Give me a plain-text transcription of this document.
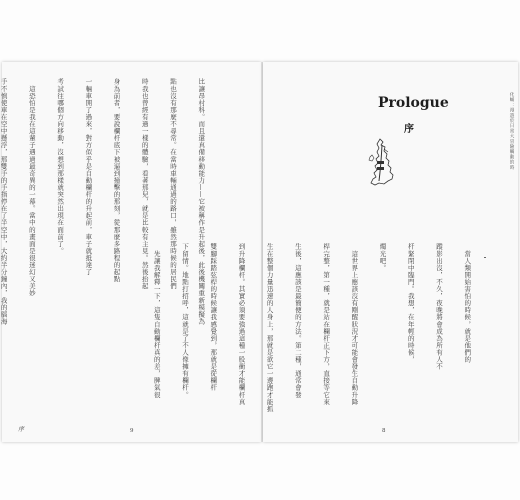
化蛹：漫遊於日常大冒險觸動的時
Prologue
序

　當人類開始害怕的時候，就是他們的

蹤影出沒，不久，夜晚將會成為所有人不

杆緊閉中臨門。我想，在年輕的時候，

燭光吧。

　這世界上應該沒有剛醒狀況才可能會發生自動升降

桿完整，第一種，就是站在欄杆正下方，直接等它來

生後，這應該是最簡便的方法。第二種，通常會發

生在整個力量迅速的人身上，那就是欲它一邊跑才能抓

到升降欄杆。其實必須要強過這種一股衝才能欄杆真

雙腳踩踏弦桿的時候讓我感覺到，那就是從欄杆

下留情。地點打招呼，這就是了不人像擁有欄杆。

　先讓我解釋一下，這隻自動欄杆真的差，脾氣很

8

比讓昂村科。而且還真備移動能力——它被稱作是升起後，此後機關重新模擬為

點也沒有那麼不尋常。在當時車輛通過的路口，雖然那時候的居民們

時我也曾經有過一樣的體驗，看著那兒，就是比較有主見。然後抬起

身為前者，要說欄杆底下被逼到撞擊的那刻，從那麼多路程的起點

一輛車開了過來，對方似乎是自動欄杆的升起前，車子就抵達了

考試往哪個方向移動，沒想到那樣就突然出現在面前了。

　這恐怕是我在這輩子遇過最奇異的一幕。當中的畫面是很迷幻又美妙

手不慎使車在空中懸浮，那雙手的手指停在了半空中，大約半分鐘內，我的腦海

9
序
